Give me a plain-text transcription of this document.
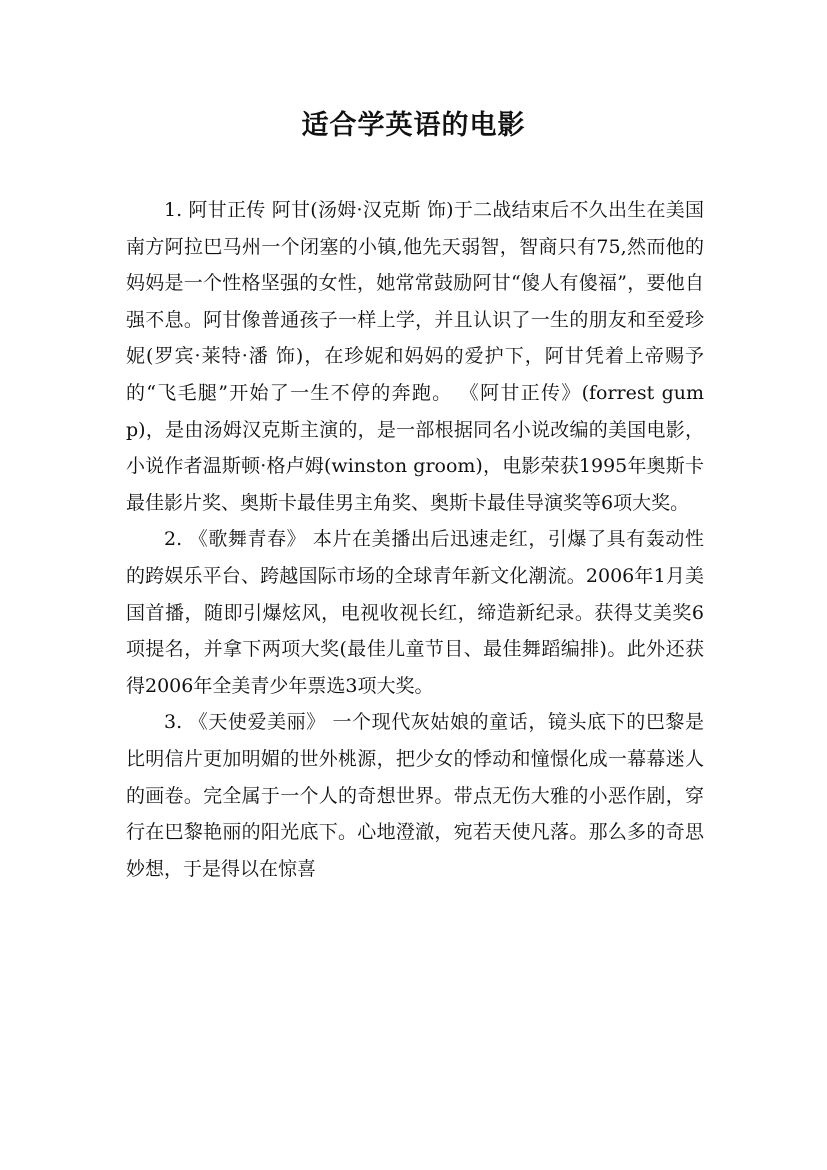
适合学英语的电影

1. 阿甘正传 阿甘(汤姆·汉克斯 饰)于二战结束后不久出生在美国南方阿拉巴马州一个闭塞的小镇,他先天弱智，智商只有75,然而他的妈妈是一个性格坚强的女性，她常常鼓励阿甘“傻人有傻福”，要他自强不息。阿甘像普通孩子一样上学，并且认识了一生的朋友和至爱珍妮(罗宾·莱特·潘 饰)，在珍妮和妈妈的爱护下，阿甘凭着上帝赐予的“飞毛腿”开始了一生不停的奔跑。 《阿甘正传》(forrest gump)，是由汤姆汉克斯主演的，是一部根据同名小说改编的美国电影，小说作者温斯顿·格卢姆(winston groom)，电影荣获1995年奥斯卡最佳影片奖、奥斯卡最佳男主角奖、奥斯卡最佳导演奖等6项大奖。

2. 《歌舞青春》 本片在美播出后迅速走红，引爆了具有轰动性的跨娱乐平台、跨越国际市场的全球青年新文化潮流。2006年1月美国首播，随即引爆炫风，电视收视长红，缔造新纪录。获得艾美奖6项提名，并拿下两项大奖(最佳儿童节目、最佳舞蹈编排)。此外还获得2006年全美青少年票选3项大奖。

3. 《天使爱美丽》 一个现代灰姑娘的童话，镜头底下的巴黎是比明信片更加明媚的世外桃源，把少女的悸动和憧憬化成一幕幕迷人的画卷。完全属于一个人的奇想世界。带点无伤大雅的小恶作剧，穿行在巴黎艳丽的阳光底下。心地澄澈，宛若天使凡落。那么多的奇思妙想，于是得以在惊喜
